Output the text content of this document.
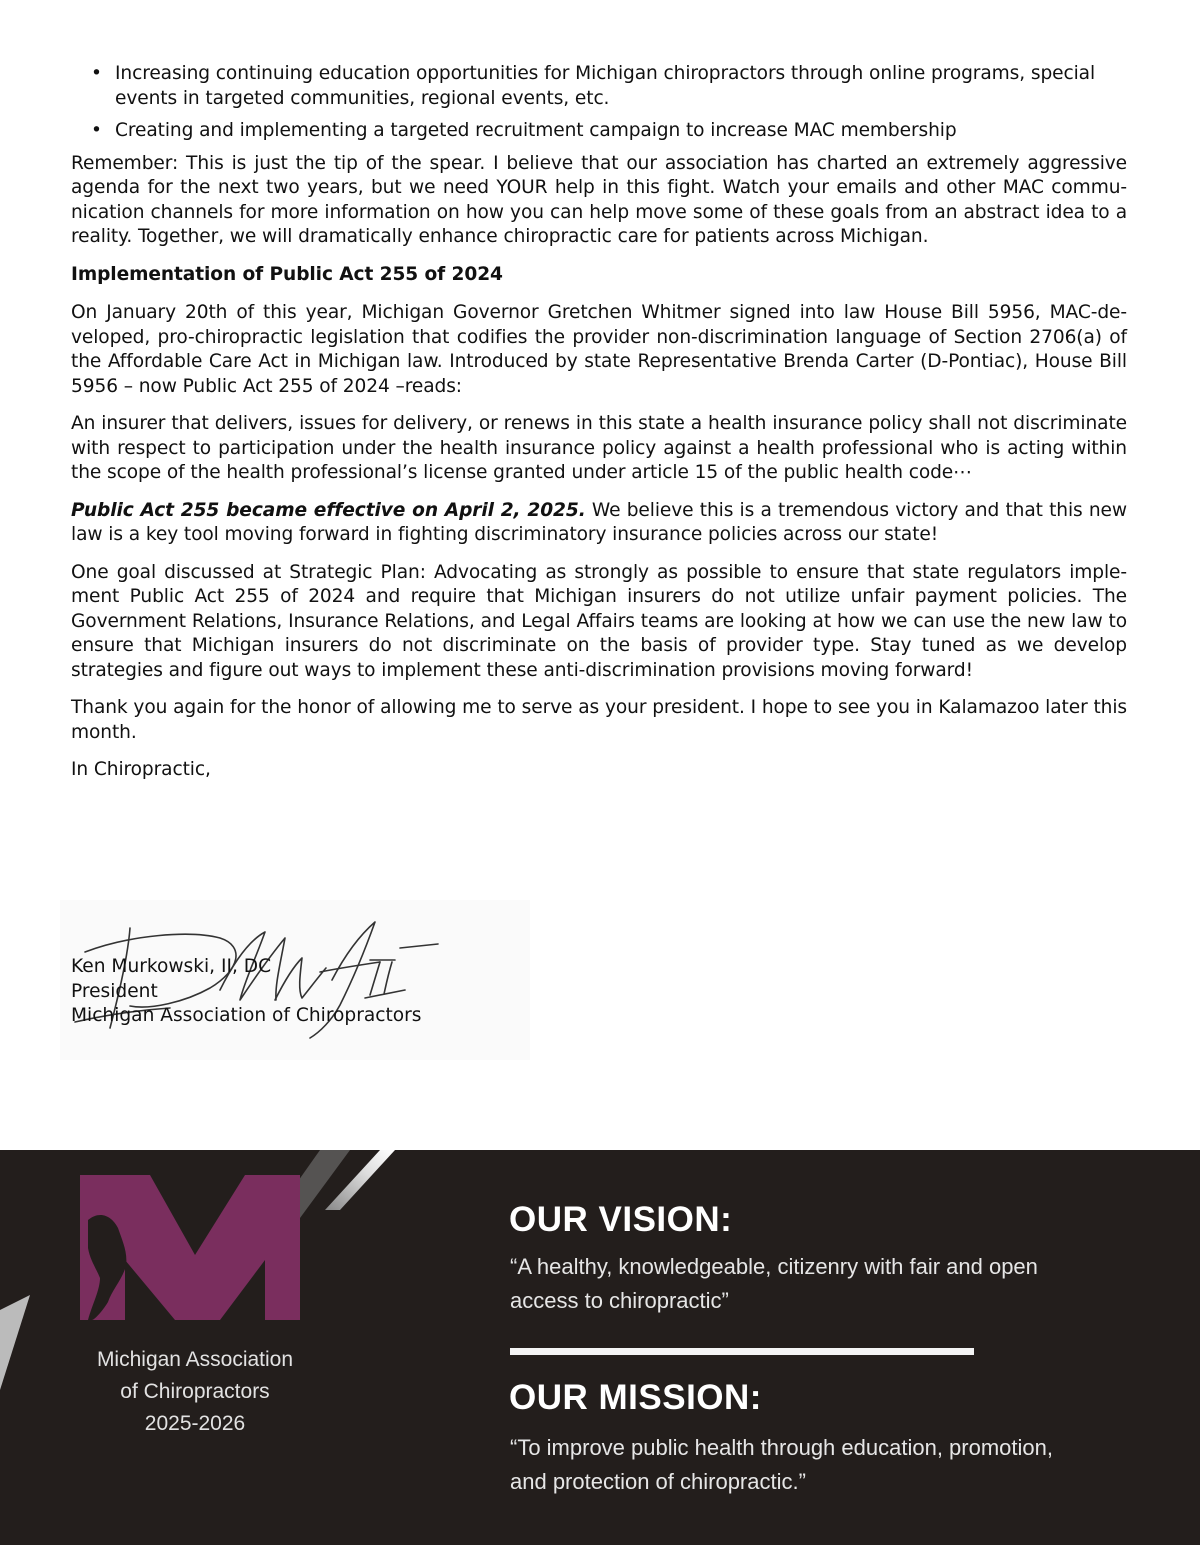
• Increasing continuing education opportunities for Michigan chiropractors through online programs, special events in targeted communities, regional events, etc.
• Creating and implementing a targeted recruitment campaign to increase MAC membership

Remember: This is just the tip of the spear. I believe that our association has charted an extremely aggressive agenda for the next two years, but we need YOUR help in this fight. Watch your emails and other MAC commu-nication channels for more information on how you can help move some of these goals from an abstract idea to a reality. Together, we will dramatically enhance chiropractic care for patients across Michigan.

Implementation of Public Act 255 of 2024

On January 20th of this year, Michigan Governor Gretchen Whitmer signed into law House Bill 5956, MAC-de-veloped, pro-chiropractic legislation that codifies the provider non-discrimination language of Section 2706(a) of the Affordable Care Act in Michigan law. Introduced by state Representative Brenda Carter (D-Pontiac), House Bill 5956 – now Public Act 255 of 2024 –reads:

An insurer that delivers, issues for delivery, or renews in this state a health insurance policy shall not discriminate with respect to participation under the health insurance policy against a health professional who is acting within the scope of the health professional’s license granted under article 15 of the public health code⋯

Public Act 255 became effective on April 2, 2025. We believe this is a tremendous victory and that this new law is a key tool moving forward in fighting discriminatory insurance policies across our state!

One goal discussed at Strategic Plan: Advocating as strongly as possible to ensure that state regulators imple-ment Public Act 255 of 2024 and require that Michigan insurers do not utilize unfair payment policies. The Government Relations, Insurance Relations, and Legal Affairs teams are looking at how we can use the new law to ensure that Michigan insurers do not discriminate on the basis of provider type. Stay tuned as we develop strategies and figure out ways to implement these anti-discrimination provisions moving forward!

Thank you again for the honor of allowing me to serve as your president. I hope to see you in Kalamazoo later this month.

In Chiropractic,

Ken Murkowski, II, DC
President
Michigan Association of Chiropractors
Michigan Association
of Chiropractors
2025-2026
OUR VISION:
“A healthy, knowledgeable, citizenry with fair and open access to chiropractic”
OUR MISSION:
“To improve public health through education, promotion, and protection of chiropractic.”
